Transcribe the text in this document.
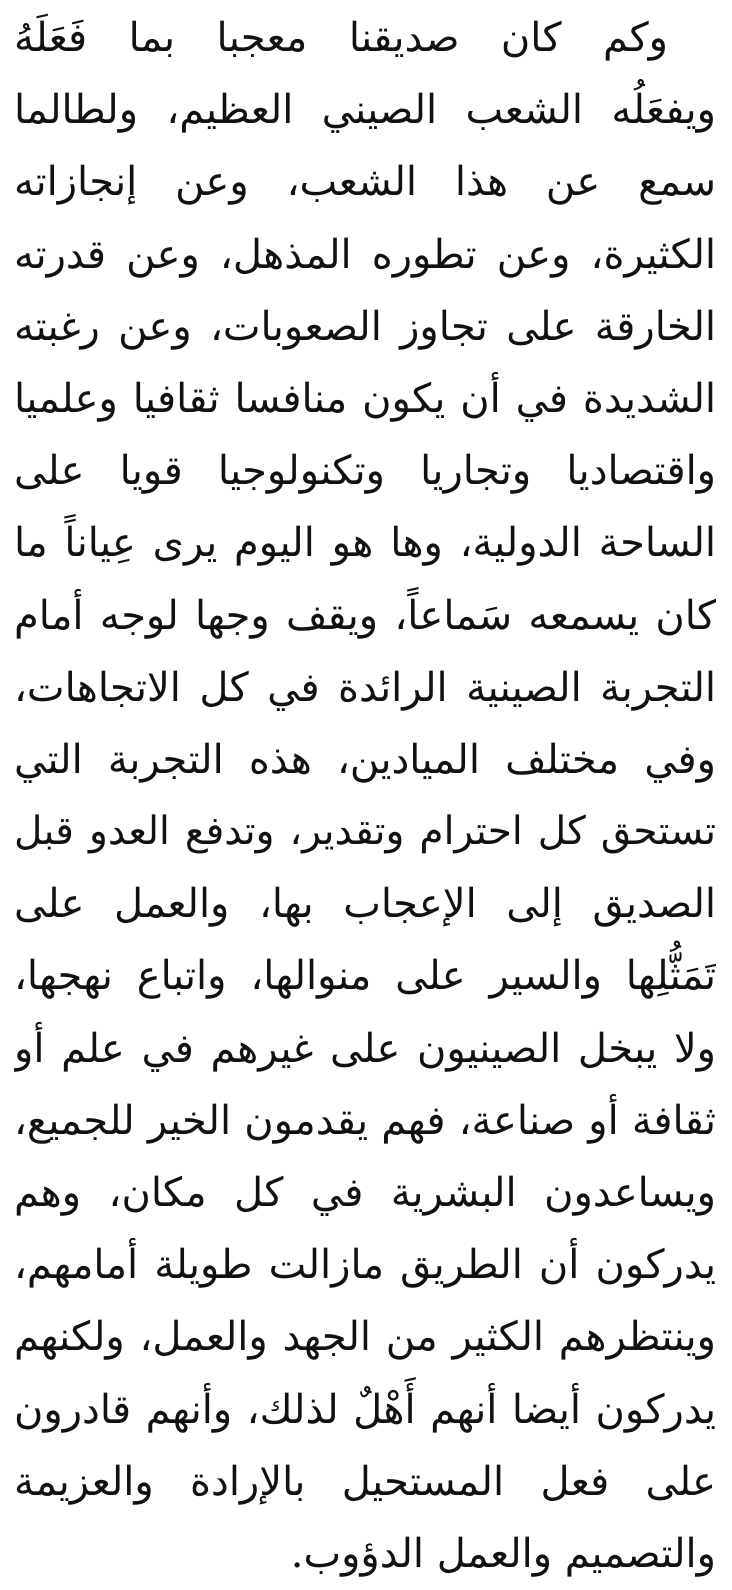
وكم كان صديقنا معجبا بما فَعَلَهُ
ويفعَلُه الشعب الصيني العظيم، ولطالما
سمع عن هذا الشعب، وعن إنجازاته
الكثيرة، وعن تطوره المذهل، وعن قدرته
الخارقة على تجاوز الصعوبات، وعن رغبته
الشديدة في أن يكون منافسا ثقافيا وعلميا
واقتصاديا وتجاريا وتكنولوجيا قويا على
الساحة الدولية، وها هو اليوم يرى عِياناً ما
كان يسمعه سَماعاً، ويقف وجها لوجه أمام
التجربة الصينية الرائدة في كل الاتجاهات،
وفي مختلف الميادين، هذه التجربة التي
تستحق كل احترام وتقدير، وتدفع العدو قبل
الصديق إلى الإعجاب بها، والعمل على
تَمَثُّلِها والسير على منوالها، واتباع نهجها،
ولا يبخل الصينيون على غيرهم في علم أو
ثقافة أو صناعة، فهم يقدمون الخير للجميع،
ويساعدون البشرية في كل مكان، وهم
يدركون أن الطريق مازالت طويلة أمامهم،
وينتظرهم الكثير من الجهد والعمل، ولكنهم
يدركون أيضا أنهم أَهْلٌ لذلك، وأنهم قادرون
على فعل المستحيل بالإرادة والعزيمة
والتصميم والعمل الدؤوب.
